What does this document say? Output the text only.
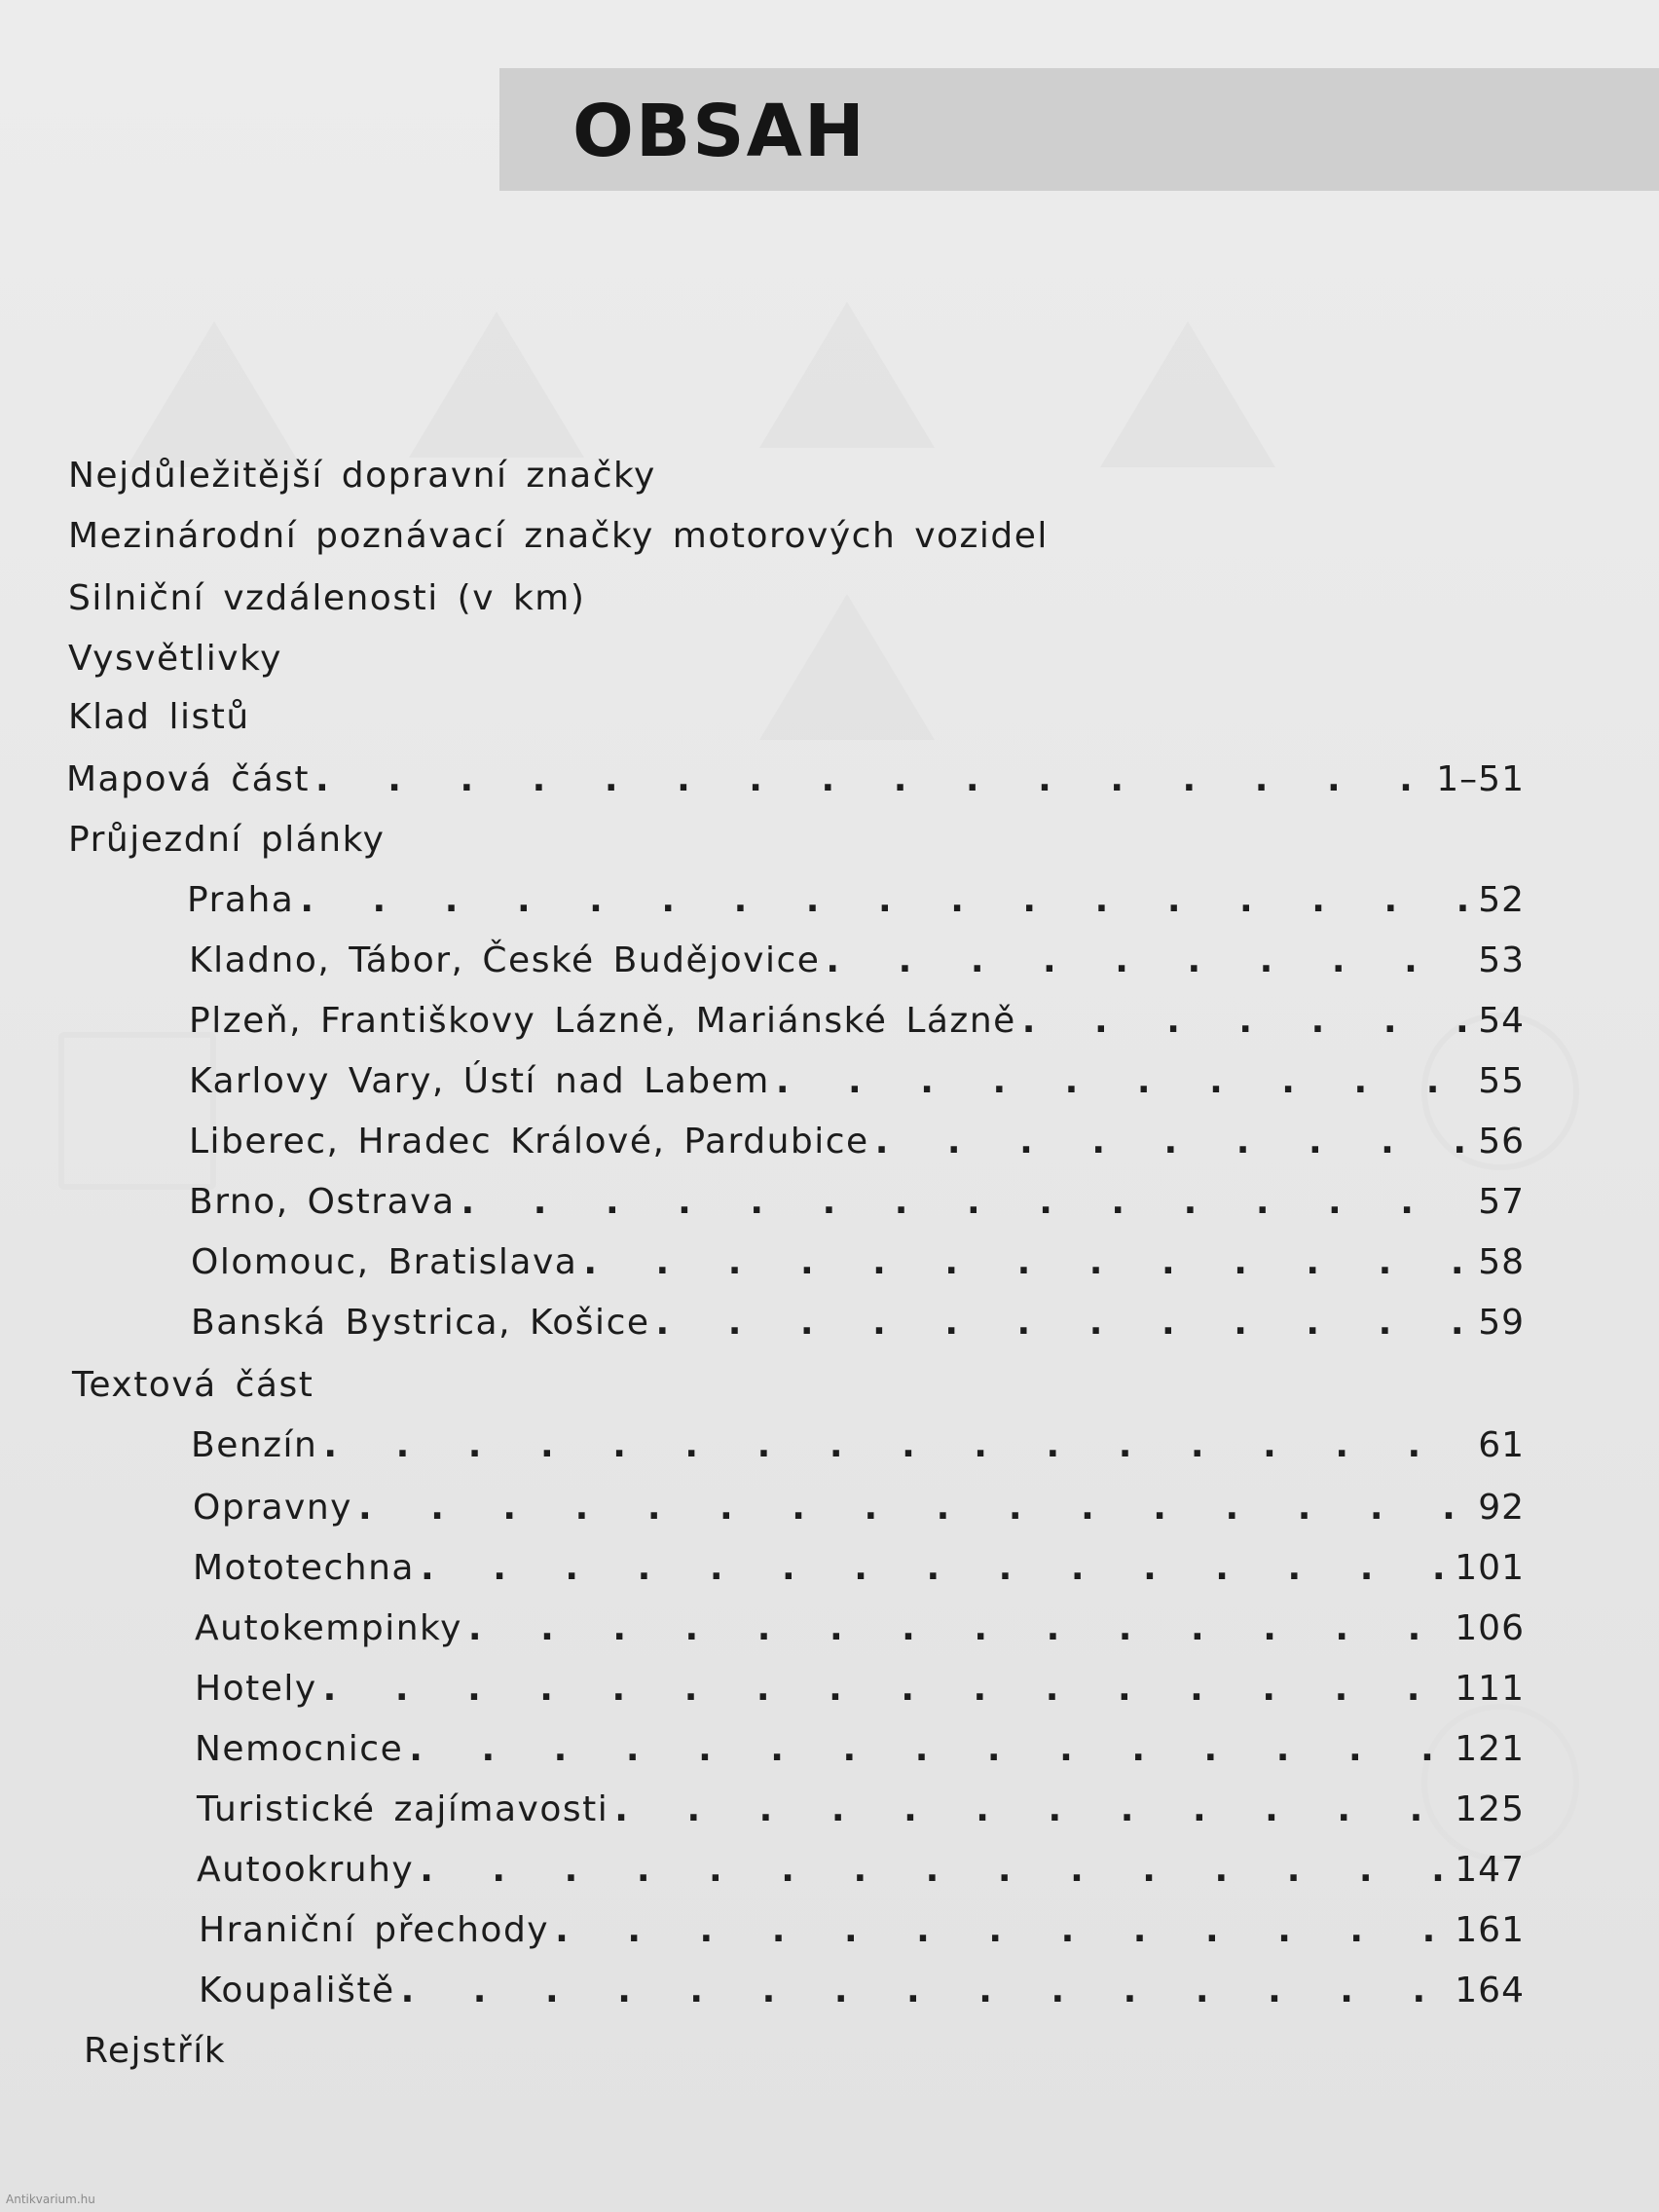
OBSAH
Nejdůležitější dopravní značky
Mezinárodní poznávací značky motorových vozidel
Silniční vzdálenosti (v km)
Vysvětlivky
Klad listů
Mapová část . . .	1–51
Průjezdní plánky
Praha . . .	52
Kladno, Tábor, České Budějovice . . .	53
Plzeň, Františkovy Lázně, Mariánské Lázně . . .	54
Karlovy Vary, Ústí nad Labem . . .	55
Liberec, Hradec Králové, Pardubice . . .	56
Brno, Ostrava . . .	57
Olomouc, Bratislava . . .	58
Banská Bystrica, Košice . . .	59
Textová část
Benzín . . .	61
Opravny . . .	92
Mototechna . . .	101
Autokempinky . . .	106
Hotely . . .	111
Nemocnice . . .	121
Turistické zajímavosti . . .	125
Autookruhy . . .	147
Hraniční přechody . . .	161
Koupaliště . . .	164
Rejstřík
Antikvarium.hu
